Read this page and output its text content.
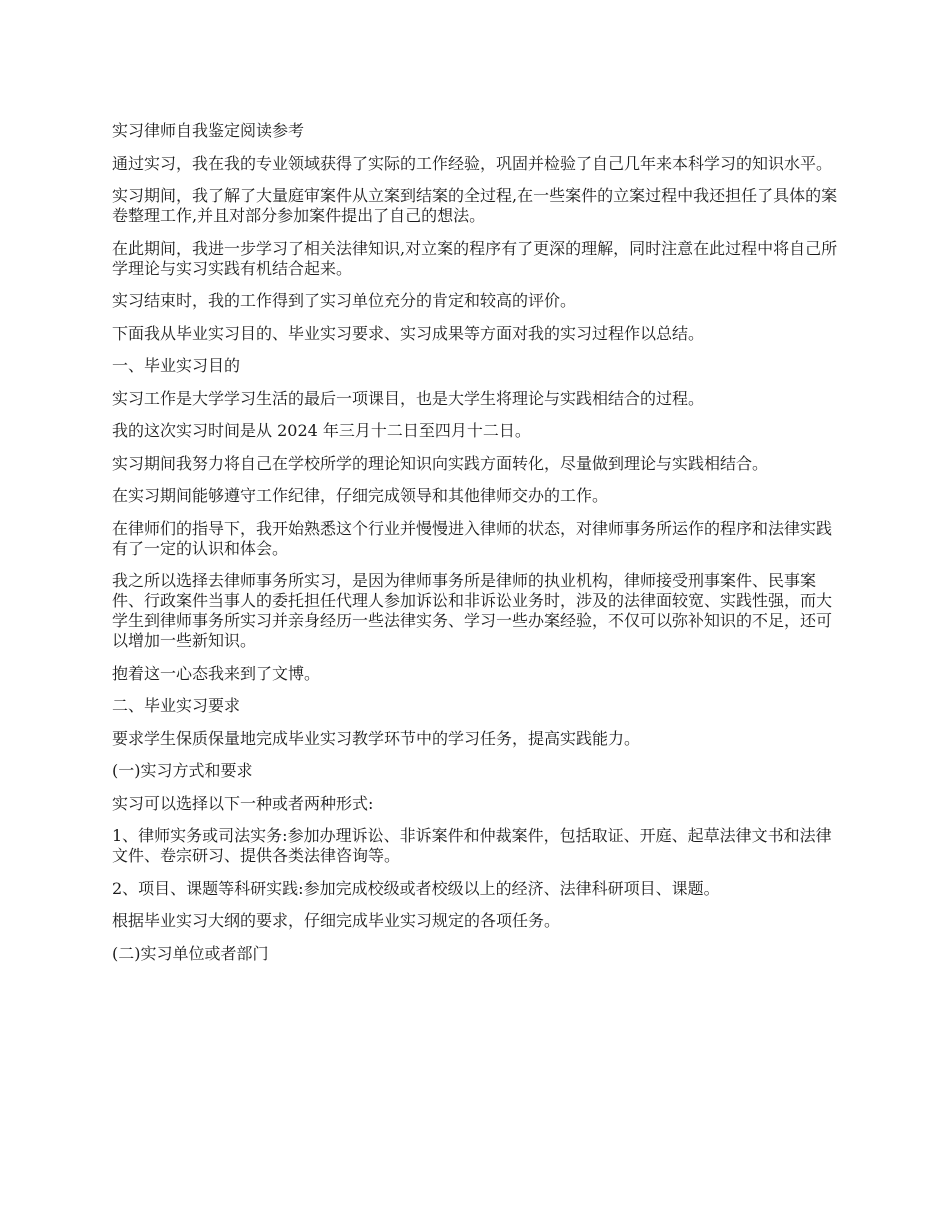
实习律师自我鉴定阅读参考

通过实习，我在我的专业领域获得了实际的工作经验，巩固并检验了自己几年来本科学习的知识水平。

实习期间，我了解了大量庭审案件从立案到结案的全过程,在一些案件的立案过程中我还担任了具体的案卷整理工作,并且对部分参加案件提出了自己的想法。

在此期间，我进一步学习了相关法律知识,对立案的程序有了更深的理解，同时注意在此过程中将自己所学理论与实习实践有机结合起来。

实习结束时，我的工作得到了实习单位充分的肯定和较高的评价。

下面我从毕业实习目的、毕业实习要求、实习成果等方面对我的实习过程作以总结。

一、毕业实习目的

实习工作是大学学习生活的最后一项课目，也是大学生将理论与实践相结合的过程。

我的这次实习时间是从 2024 年三月十二日至四月十二日。

实习期间我努力将自己在学校所学的理论知识向实践方面转化，尽量做到理论与实践相结合。

在实习期间能够遵守工作纪律，仔细完成领导和其他律师交办的工作。

在律师们的指导下，我开始熟悉这个行业并慢慢进入律师的状态，对律师事务所运作的程序和法律实践有了一定的认识和体会。

我之所以选择去律师事务所实习，是因为律师事务所是律师的执业机构，律师接受刑事案件、民事案件、行政案件当事人的委托担任代理人参加诉讼和非诉讼业务时，涉及的法律面较宽、实践性强，而大学生到律师事务所实习并亲身经历一些法律实务、学习一些办案经验，不仅可以弥补知识的不足，还可以增加一些新知识。

抱着这一心态我来到了文博。

二、毕业实习要求

要求学生保质保量地完成毕业实习教学环节中的学习任务，提高实践能力。

(一)实习方式和要求

实习可以选择以下一种或者两种形式:

1、律师实务或司法实务:参加办理诉讼、非诉案件和仲裁案件，包括取证、开庭、起草法律文书和法律文件、卷宗研习、提供各类法律咨询等。

2、项目、课题等科研实践:参加完成校级或者校级以上的经济、法律科研项目、课题。

根据毕业实习大纲的要求，仔细完成毕业实习规定的各项任务。

(二)实习单位或者部门
